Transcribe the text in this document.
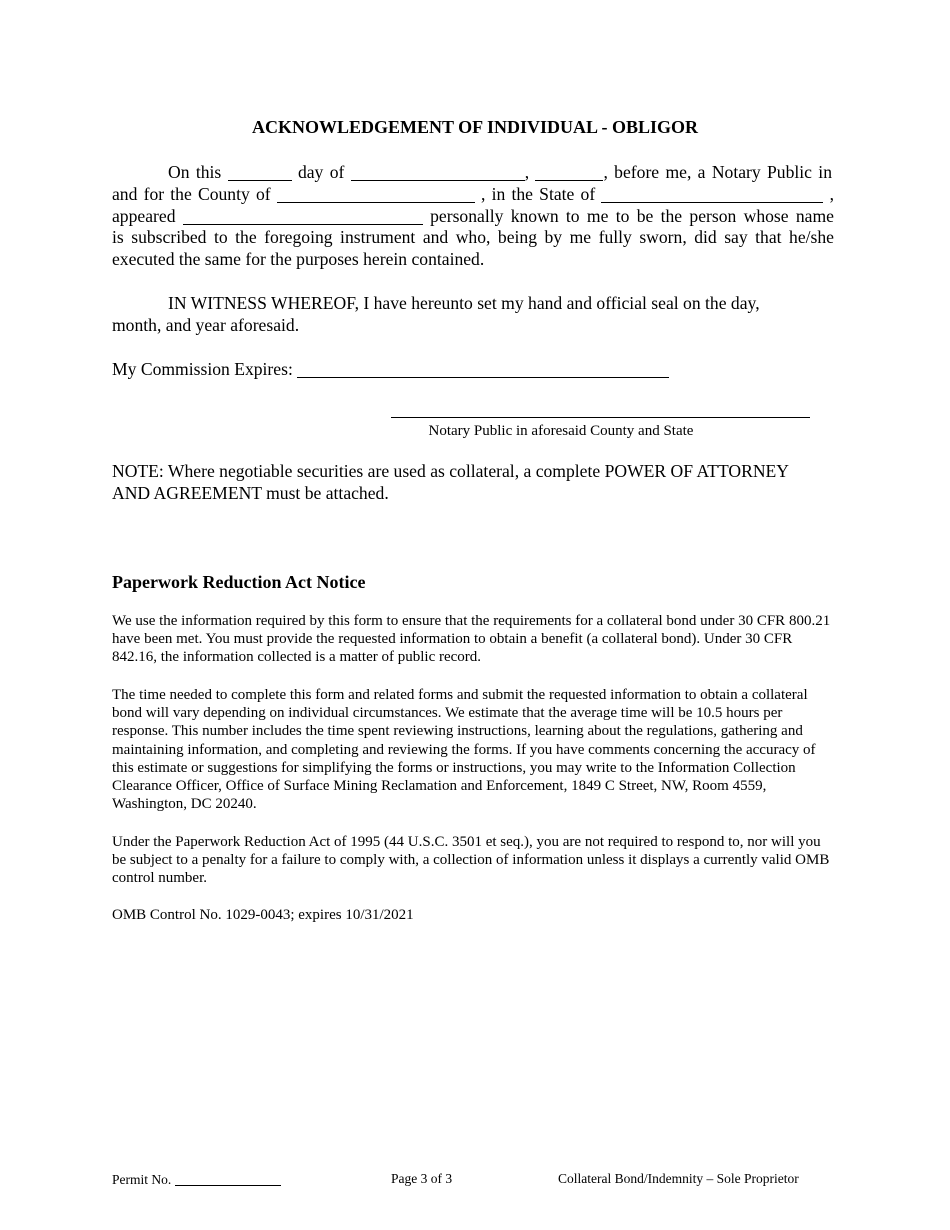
ACKNOWLEDGEMENT OF INDIVIDUAL - OBLIGOR
On this	day of	,	, before me, a Notary Public in
and for the County of	, in the State of	,
appeared	personally known to me to be the person whose name
is subscribed to the foregoing instrument and who, being by me fully sworn, did say that he/she
executed the same for the purposes herein contained.
IN WITNESS WHEREOF, I have hereunto set my hand and official seal on the day,
month, and year aforesaid.
My Commission Expires:
Notary Public in aforesaid County and State
NOTE: Where negotiable securities are used as collateral, a complete POWER OF ATTORNEY
AND AGREEMENT must be attached.
Paperwork Reduction Act Notice
We use the information required by this form to ensure that the requirements for a collateral bond under 30 CFR 800.21 have been met. You must provide the requested information to obtain a benefit (a collateral bond). Under 30 CFR 842.16, the information collected is a matter of public record.
The time needed to complete this form and related forms and submit the requested information to obtain a collateral bond will vary depending on individual circumstances. We estimate that the average time will be 10.5 hours per response. This number includes the time spent reviewing instructions, learning about the regulations, gathering and maintaining information, and completing and reviewing the forms. If you have comments concerning the accuracy of this estimate or suggestions for simplifying the forms or instructions, you may write to the Information Collection Clearance Officer, Office of Surface Mining Reclamation and Enforcement, 1849 C Street, NW, Room 4559, Washington, DC 20240.
Under the Paperwork Reduction Act of 1995 (44 U.S.C. 3501 et seq.), you are not required to respond to, nor will you be subject to a penalty for a failure to comply with, a collection of information unless it displays a currently valid OMB control number.
OMB Control No. 1029-0043; expires 10/31/2021
Permit No.	Page 3 of 3	Collateral Bond/Indemnity – Sole Proprietor
